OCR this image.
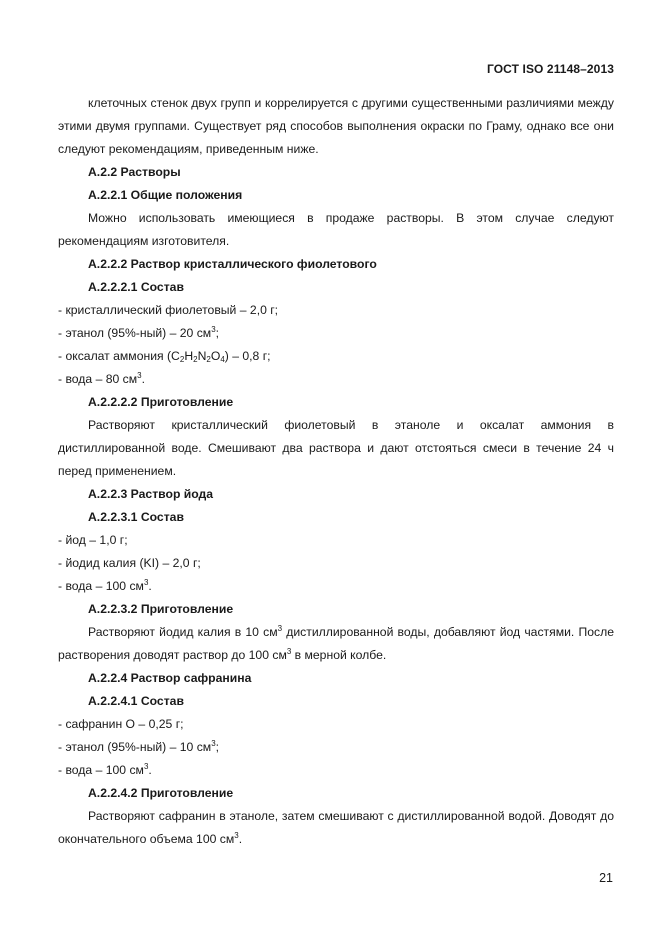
ГОСТ ISO 21148–2013

клеточных стенок двух групп и коррелируется с другими существенными различиями между этими двумя группами. Существует ряд способов выполнения окраски по Граму, однако все они следуют рекомендациям, приведенным ниже.

А.2.2 Растворы

А.2.2.1 Общие положения

Можно использовать имеющиеся в продаже растворы. В этом случае следуют рекомендациям изготовителя.

А.2.2.2 Раствор кристаллического фиолетового

А.2.2.2.1 Состав

- кристаллический фиолетовый – 2,0 г;

- этанол (95%-ный) – 20 $см^3$;

- оксалат аммония $(C_2H_2N_2O_4) - 0,8$ г;

- вода – 80 $см^3$.

А.2.2.2.2 Приготовление

Растворяют кристаллический фиолетовый в этаноле и оксалат аммония в дистиллированной воде. Смешивают два раствора и дают отстояться смеси в течение 24 ч перед применением.

А.2.2.3 Раствор йода

А.2.2.3.1 Состав

- йод – 1,0 г;

- йодид калия (KI) – 2,0 г;

- вода – 100 $см^3$.

А.2.2.3.2 Приготовление

Растворяют йодид калия в 10 $см^3$ дистиллированной воды, добавляют йод частями. После растворения доводят раствор до 100 $см^3$ в мерной колбе.

А.2.2.4 Раствор сафранина

А.2.2.4.1 Состав

- сафранин О – 0,25 г;

- этанол (95%-ный) – 10 $см^3$;

- вода – 100 $см^3$.

А.2.2.4.2 Приготовление

Растворяют сафранин в этаноле, затем смешивают с дистиллированной водой. Доводят до окончательного объема 100 $см^3$.

21
